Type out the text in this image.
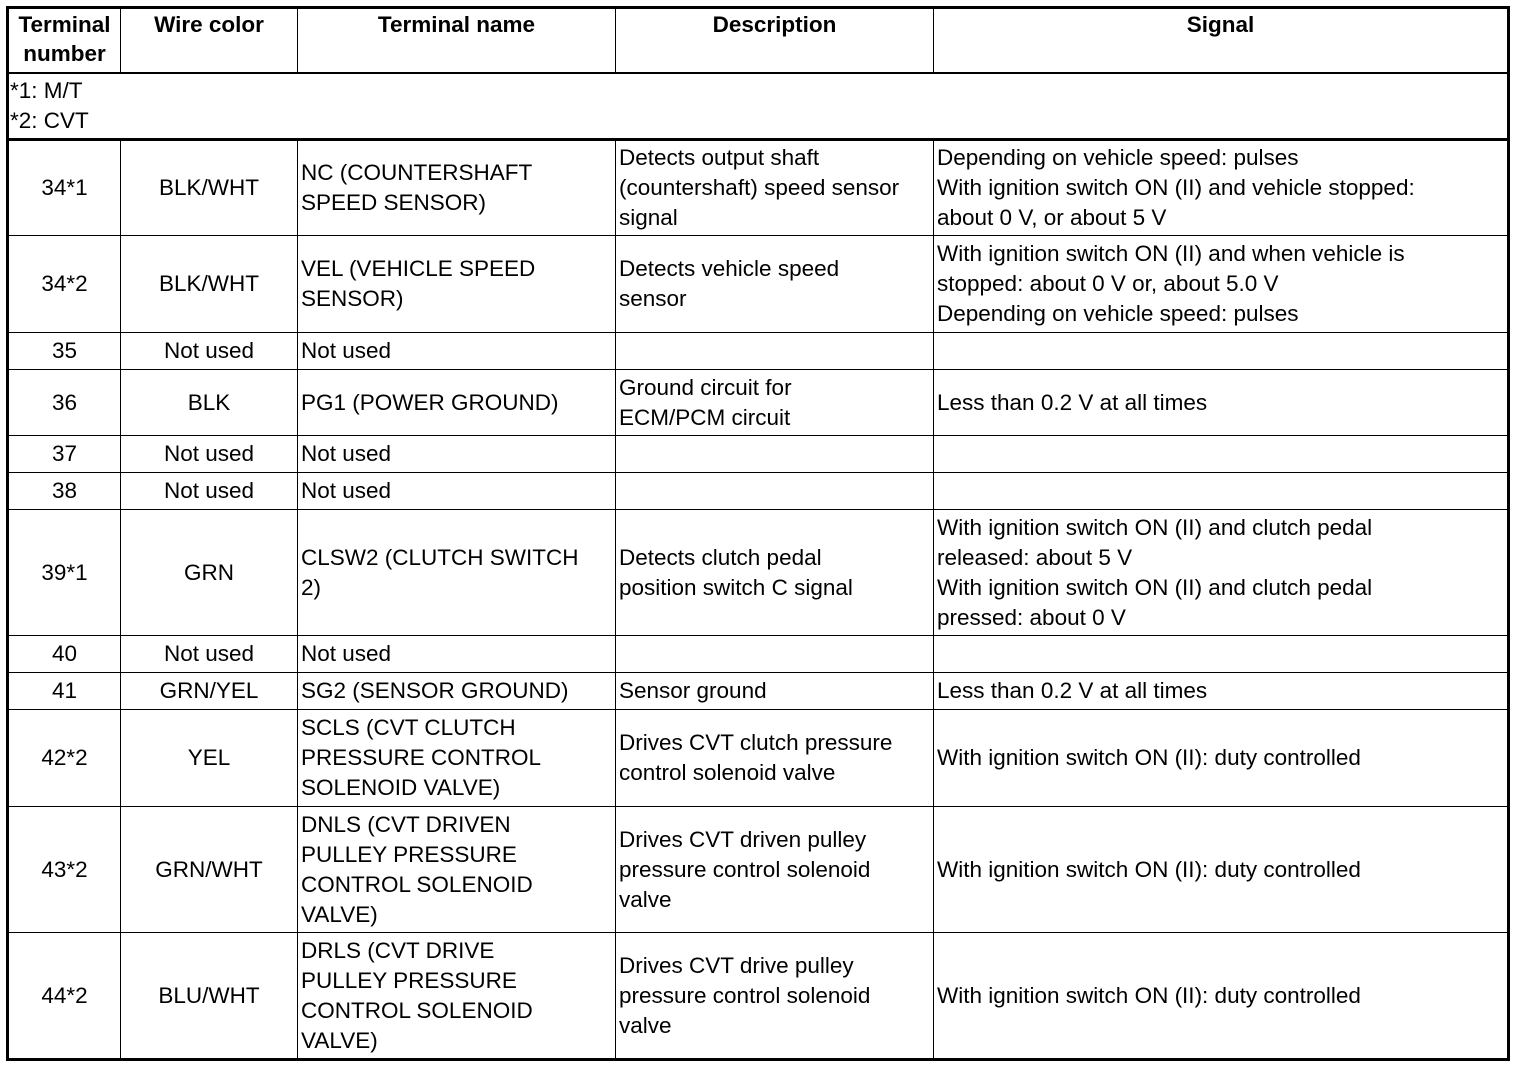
Terminal
number	Wire color	Terminal name	Description	Signal

*1: M/T
*2: CVT				

34*1	BLK/WHT	NC (COUNTERSHAFT
SPEED SENSOR)	Detects output shaft
(countershaft) speed sensor
signal	Depending on vehicle speed: pulses
With ignition switch ON (II) and vehicle stopped:
about 0 V, or about 5 V

34*2	BLK/WHT	VEL (VEHICLE SPEED
SENSOR)	Detects vehicle speed
sensor	With ignition switch ON (II) and when vehicle is
stopped: about 0 V or, about 5.0 V
Depending on vehicle speed: pulses

35	Not used	Not used		

36	BLK	PG1 (POWER GROUND)	Ground circuit for
ECM/PCM circuit	Less than 0.2 V at all times

37	Not used	Not used		

38	Not used	Not used		

39*1	GRN	CLSW2 (CLUTCH SWITCH
2)	Detects clutch pedal
position switch C signal	With ignition switch ON (II) and clutch pedal
released: about 5 V
With ignition switch ON (II) and clutch pedal
pressed: about 0 V

40	Not used	Not used		

41	GRN/YEL	SG2 (SENSOR GROUND)	Sensor ground	Less than 0.2 V at all times

42*2	YEL	SCLS (CVT CLUTCH
PRESSURE CONTROL
SOLENOID VALVE)	Drives CVT clutch pressure
control solenoid valve	With ignition switch ON (II): duty controlled

43*2	GRN/WHT	DNLS (CVT DRIVEN
PULLEY PRESSURE
CONTROL SOLENOID
VALVE)	Drives CVT driven pulley
pressure control solenoid
valve	With ignition switch ON (II): duty controlled

44*2	BLU/WHT	DRLS (CVT DRIVE
PULLEY PRESSURE
CONTROL SOLENOID
VALVE)	Drives CVT drive pulley
pressure control solenoid
valve	With ignition switch ON (II): duty controlled
